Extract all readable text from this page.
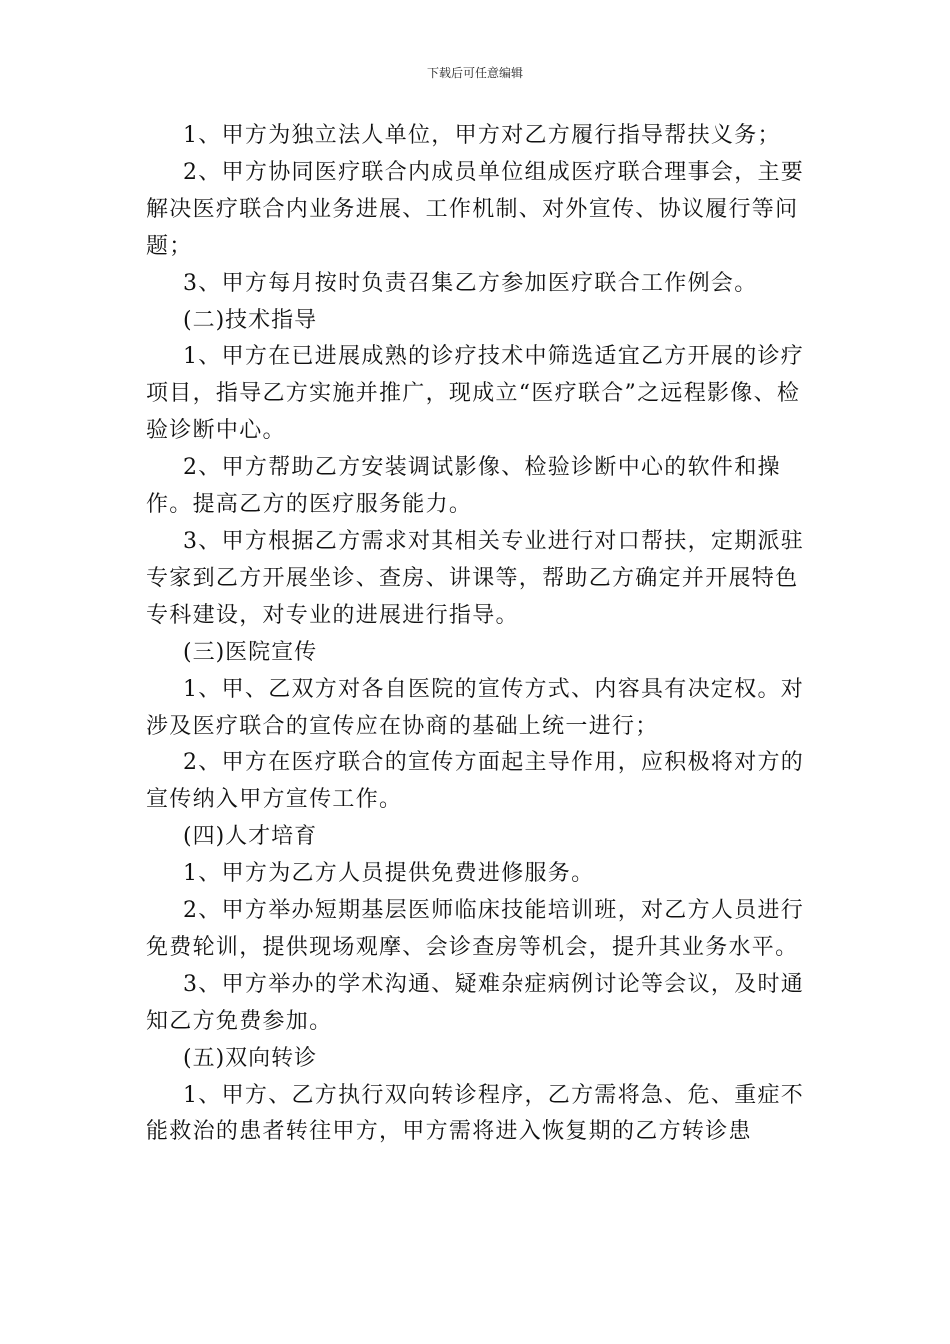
下载后可任意编辑

1、甲方为独立法人单位，甲方对乙方履行指导帮扶义务；

2、甲方协同医疗联合内成员单位组成医疗联合理事会，主要解决医疗联合内业务进展、工作机制、对外宣传、协议履行等问题；

3、甲方每月按时负责召集乙方参加医疗联合工作例会。

(二)技术指导

1、甲方在已进展成熟的诊疗技术中筛选适宜乙方开展的诊疗项目，指导乙方实施并推广，现成立“医疗联合”之远程影像、检验诊断中心。

2、甲方帮助乙方安装调试影像、检验诊断中心的软件和操作。提高乙方的医疗服务能力。

3、甲方根据乙方需求对其相关专业进行对口帮扶，定期派驻专家到乙方开展坐诊、查房、讲课等，帮助乙方确定并开展特色专科建设，对专业的进展进行指导。

(三)医院宣传

1、甲、乙双方对各自医院的宣传方式、内容具有决定权。对涉及医疗联合的宣传应在协商的基础上统一进行；

2、甲方在医疗联合的宣传方面起主导作用，应积极将对方的宣传纳入甲方宣传工作。

(四)人才培育

1、甲方为乙方人员提供免费进修服务。

2、甲方举办短期基层医师临床技能培训班，对乙方人员进行免费轮训，提供现场观摩、会诊查房等机会，提升其业务水平。

3、甲方举办的学术沟通、疑难杂症病例讨论等会议，及时通知乙方免费参加。

(五)双向转诊

1、甲方、乙方执行双向转诊程序，乙方需将急、危、重症不能救治的患者转往甲方，甲方需将进入恢复期的乙方转诊患
